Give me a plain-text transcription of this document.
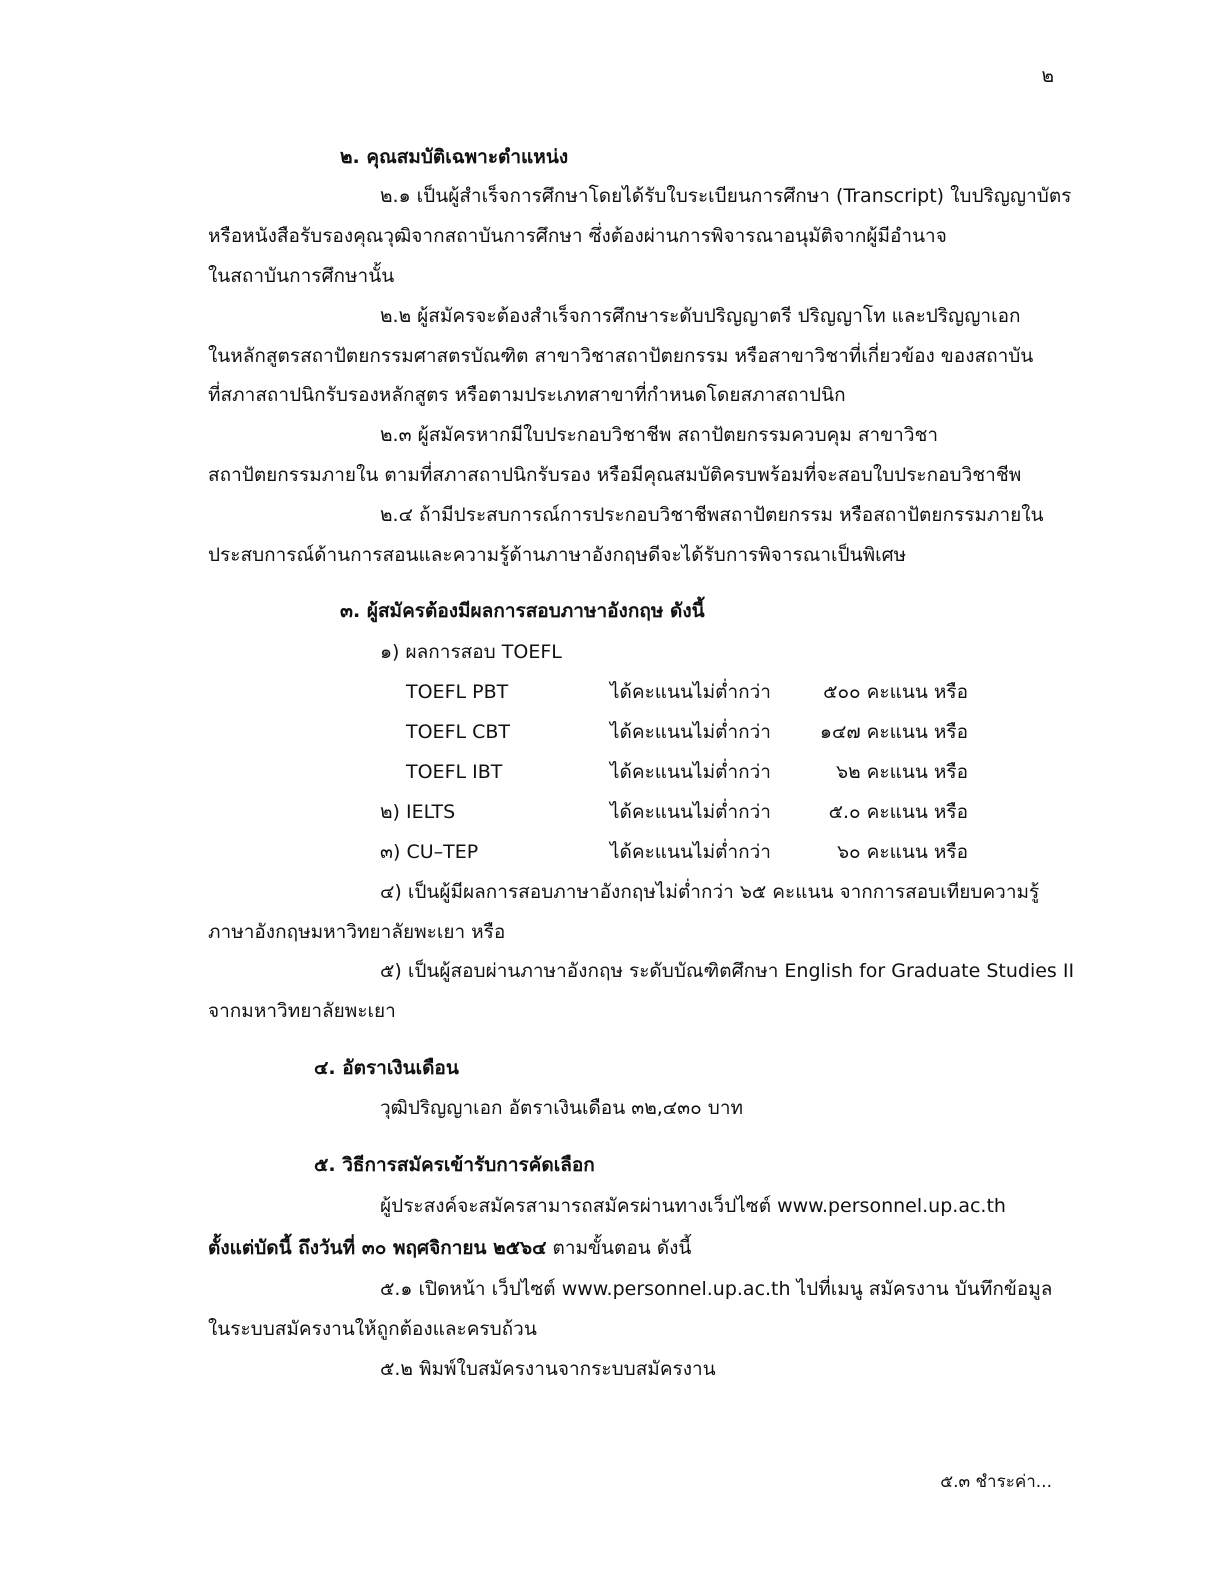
๒
๒. คุณสมบัติเฉพาะตำแหน่ง
๒.๑ เป็นผู้สำเร็จการศึกษาโดยได้รับใบระเบียนการศึกษา (Transcript) ใบปริญญาบัตร
หรือหนังสือรับรองคุณวุฒิจากสถาบันการศึกษา ซึ่งต้องผ่านการพิจารณาอนุมัติจากผู้มีอำนาจ
ในสถาบันการศึกษานั้น
๒.๒ ผู้สมัครจะต้องสำเร็จการศึกษาระดับปริญญาตรี ปริญญาโท และปริญญาเอก
ในหลักสูตรสถาปัตยกรรมศาสตรบัณฑิต สาขาวิชาสถาปัตยกรรม หรือสาขาวิชาที่เกี่ยวข้อง ของสถาบัน
ที่สภาสถาปนิกรับรองหลักสูตร หรือตามประเภทสาขาที่กำหนดโดยสภาสถาปนิก
๒.๓ ผู้สมัครหากมีใบประกอบวิชาชีพ สถาปัตยกรรมควบคุม สาขาวิชา
สถาปัตยกรรมภายใน ตามที่สภาสถาปนิกรับรอง หรือมีคุณสมบัติครบพร้อมที่จะสอบใบประกอบวิชาชีพ
๒.๔ ถ้ามีประสบการณ์การประกอบวิชาชีพสถาปัตยกรรม หรือสถาปัตยกรรมภายใน
ประสบการณ์ด้านการสอนและความรู้ด้านภาษาอังกฤษดีจะได้รับการพิจารณาเป็นพิเศษ
๓. ผู้สมัครต้องมีผลการสอบภาษาอังกฤษ ดังนี้
๑) ผลการสอบ TOEFL
TOEFL PBT	ได้คะแนนไม่ต่ำกว่า	๕๐๐ คะแนน หรือ
TOEFL CBT	ได้คะแนนไม่ต่ำกว่า	๑๔๗ คะแนน หรือ
TOEFL IBT	ได้คะแนนไม่ต่ำกว่า	๖๒ คะแนน หรือ
๒) IELTS	ได้คะแนนไม่ต่ำกว่า	๕.๐ คะแนน หรือ
๓) CU–TEP	ได้คะแนนไม่ต่ำกว่า	๖๐ คะแนน หรือ
๔) เป็นผู้มีผลการสอบภาษาอังกฤษไม่ต่ำกว่า ๖๕ คะแนน จากการสอบเทียบความรู้
ภาษาอังกฤษมหาวิทยาลัยพะเยา หรือ
๕) เป็นผู้สอบผ่านภาษาอังกฤษ ระดับบัณฑิตศึกษา English for Graduate Studies II
จากมหาวิทยาลัยพะเยา
๔. อัตราเงินเดือน
วุฒิปริญญาเอก อัตราเงินเดือน ๓๒,๔๓๐ บาท
๕. วิธีการสมัครเข้ารับการคัดเลือก
ผู้ประสงค์จะสมัครสามารถสมัครผ่านทางเว็ปไซต์ www.personnel.up.ac.th
ตั้งแต่บัดนี้ ถึงวันที่ ๓๐ พฤศจิกายน ๒๕๖๔ ตามขั้นตอน ดังนี้
๕.๑ เปิดหน้า เว็ปไซต์ www.personnel.up.ac.th ไปที่เมนู สมัครงาน บันทึกข้อมูล
ในระบบสมัครงานให้ถูกต้องและครบถ้วน
๕.๒ พิมพ์ใบสมัครงานจากระบบสมัครงาน
๕.๓ ชำระค่า...
